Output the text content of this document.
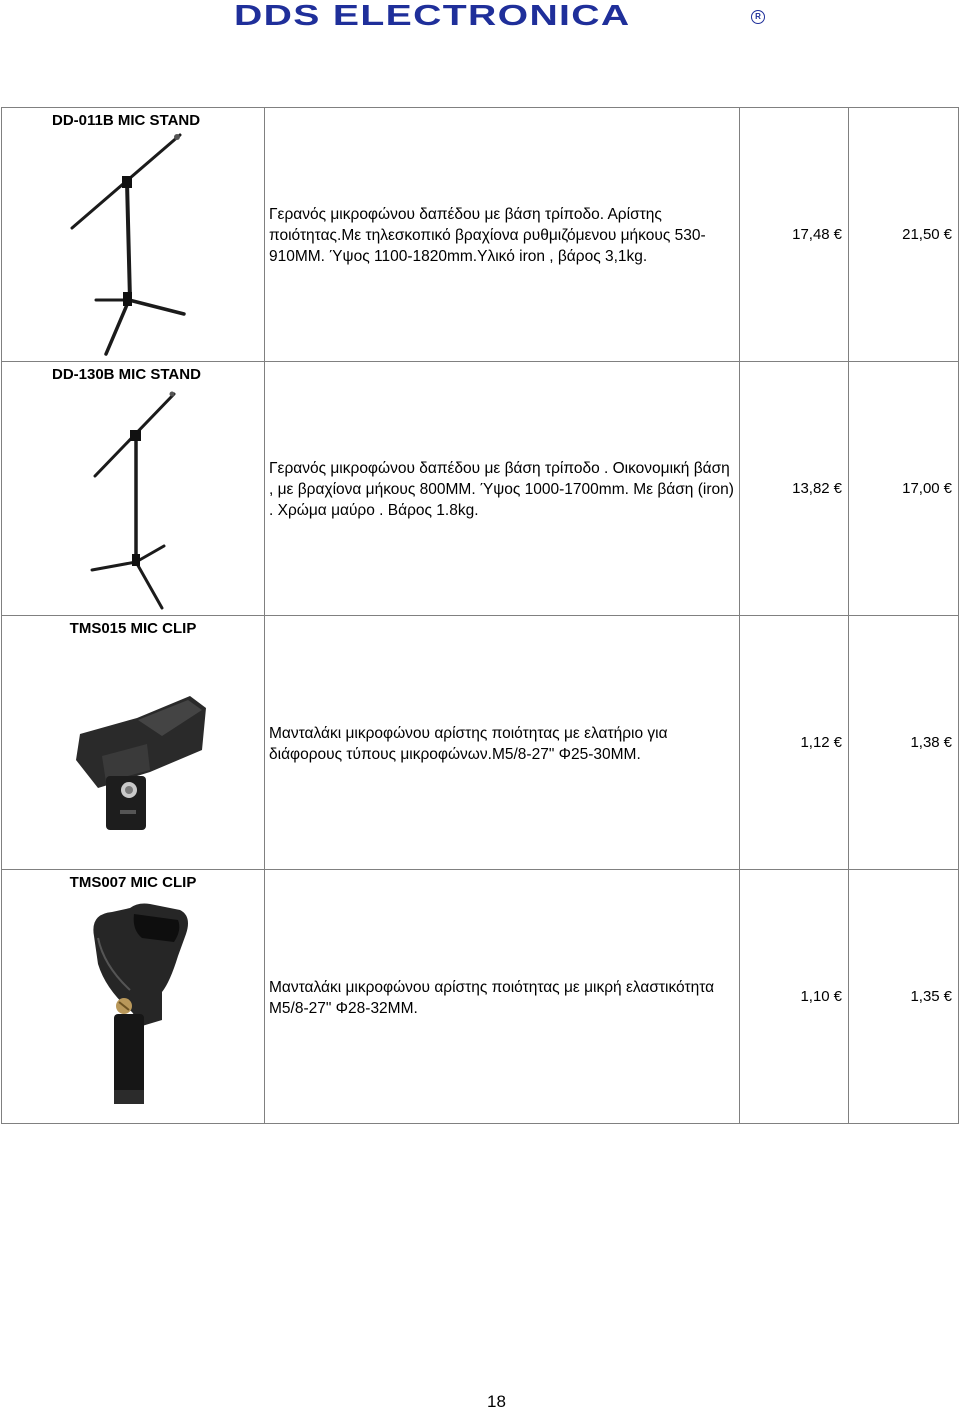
DDS ELECTRONICA	R
DD-011B MIC STAND	Γερανός μικροφώνου δαπέδου με βάση τρίποδο. Αρίστης ποιότητας.Με τηλεσκοπικό βραχίονα ρυθμιζόμενου μήκους 530-910MM. Ύψος 1100-1820mm.Υλικό iron , βάρος 3,1kg.	17,48 €	21,50 €

DD-130B MIC STAND	Γερανός μικροφώνου δαπέδου με βάση τρίποδο . Οικονομική βάση , με βραχίονα μήκους 800MM. Ύψος 1000-1700mm. Με βάση (iron) . Χρώμα μαύρο . Βάρος 1.8kg.	13,82 €	17,00 €

TMS015 MIC CLIP	Μανταλάκι μικροφώνου αρίστης ποιότητας με ελατήριο για διάφορους τύπους μικροφώνων.M5/8-27" Φ25-30MM.	1,12 €	1,38 €

TMS007 MIC CLIP	Μανταλάκι μικροφώνου αρίστης ποιότητας με μικρή ελαστικότητα M5/8-27" Φ28-32MM.	1,10 €	1,35 €
18
